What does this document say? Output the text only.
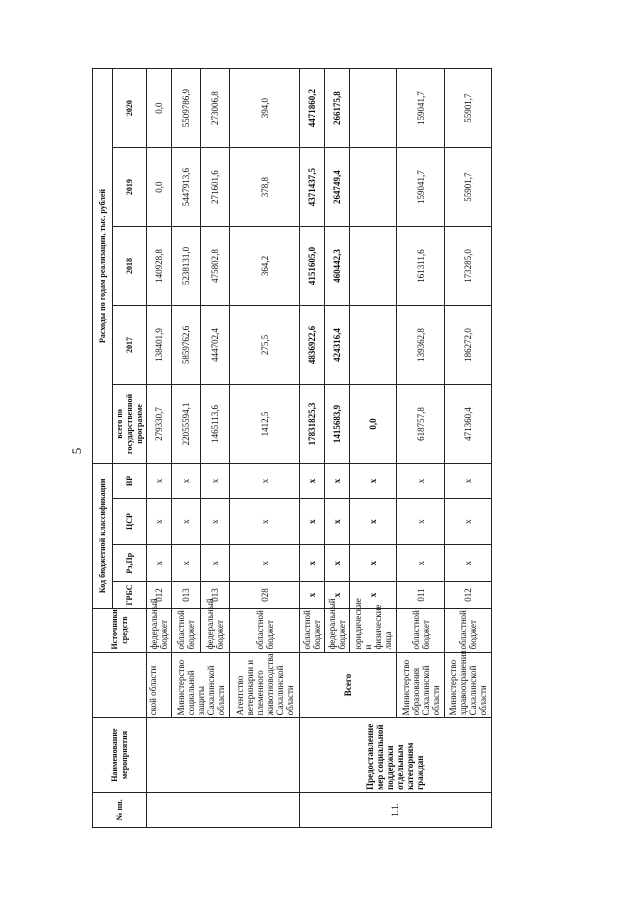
5
№ пп.	Наименование мероприятия		Источники средств	Код бюджетной классификации				Расходы по годам реализации, тыс. рублей				
				ГРБС	Рз,Пр	ЦСР	ВР	всего по государственной программе	2017	2018	2019	2020
		ской области	федеральный бюджет	012	x	x	x	279330,7	138401,9	140928,8	0,0	0,0
		Министерство социальной защиты Сахалинской области	областной бюджет	013	x	x	x	22055594,1	5859762,6	5238131,0	5447913,6	5509786,9
			федеральный бюджет	013	x	x	x	1465113,6	444702,4	475802,8	271601,6	273006,8
		Агентство ветеринарии и племенного животноводства Сахалинской области	областной бюджет	028	x	x	x	1412,5	275,5	364,2	378,8	394,0
1.1.	Предоставление мер социальной поддержки отдельным категориям граждан	Всего	областной бюджет	x	x	x	x	17831825,3	4836922,6	4151605,0	4371437,5	4471860,2
			федеральный бюджет	x	x	x	x	1415683,9	424316,4	460442,3	264749,4	266175,8
			юридические и физические лица	x	x	x	x	0,0				
		Министерство образования Сахалинской области	областной бюджет	011	x	x	x	618757,8	139362,8	161311,6	159041,7	159041,7
		Министерство здравоохранения Сахалинской области	областной бюджет	012	x	x	x	471360,4	186272,0	173285,0	55901,7	55901,7
